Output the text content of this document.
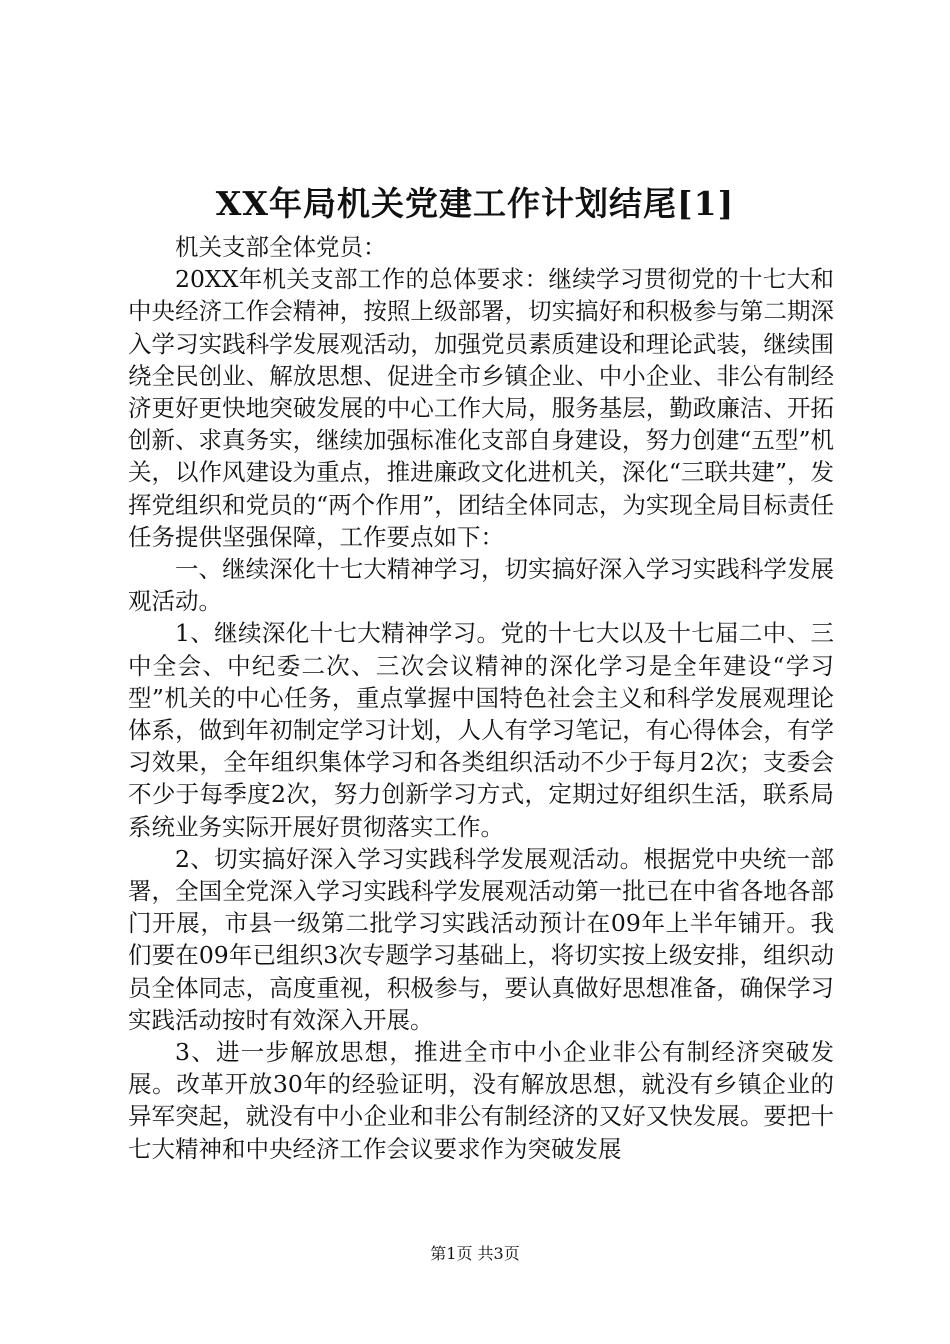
XX年局机关党建工作计划结尾[1]

机关支部全体党员：

20XX年机关支部工作的总体要求：继续学习贯彻党的十七大和中央经济工作会精神，按照上级部署，切实搞好和积极参与第二期深入学习实践科学发展观活动，加强党员素质建设和理论武装，继续围绕全民创业、解放思想、促进全市乡镇企业、中小企业、非公有制经济更好更快地突破发展的中心工作大局，服务基层，勤政廉洁、开拓创新、求真务实，继续加强标准化支部自身建设，努力创建“五型”机关，以作风建设为重点，推进廉政文化进机关，深化“三联共建”，发挥党组织和党员的“两个作用”，团结全体同志，为实现全局目标责任任务提供坚强保障，工作要点如下：

一、继续深化十七大精神学习，切实搞好深入学习实践科学发展观活动。

1、继续深化十七大精神学习。党的十七大以及十七届二中、三中全会、中纪委二次、三次会议精神的深化学习是全年建设“学习型”机关的中心任务，重点掌握中国特色社会主义和科学发展观理论体系，做到年初制定学习计划，人人有学习笔记，有心得体会，有学习效果，全年组织集体学习和各类组织活动不少于每月2次；支委会不少于每季度2次，努力创新学习方式，定期过好组织生活，联系局系统业务实际开展好贯彻落实工作。

2、切实搞好深入学习实践科学发展观活动。根据党中央统一部署，全国全党深入学习实践科学发展观活动第一批已在中省各地各部门开展，市县一级第二批学习实践活动预计在09年上半年铺开。我们要在09年已组织3次专题学习基础上，将切实按上级安排，组织动员全体同志，高度重视，积极参与，要认真做好思想准备，确保学习实践活动按时有效深入开展。

3、进一步解放思想，推进全市中小企业非公有制经济突破发展。改革开放30年的经验证明，没有解放思想，就没有乡镇企业的异军突起，就没有中小企业和非公有制经济的又好又快发展。要把十七大精神和中央经济工作会议要求作为突破发展

第1页 共3页
